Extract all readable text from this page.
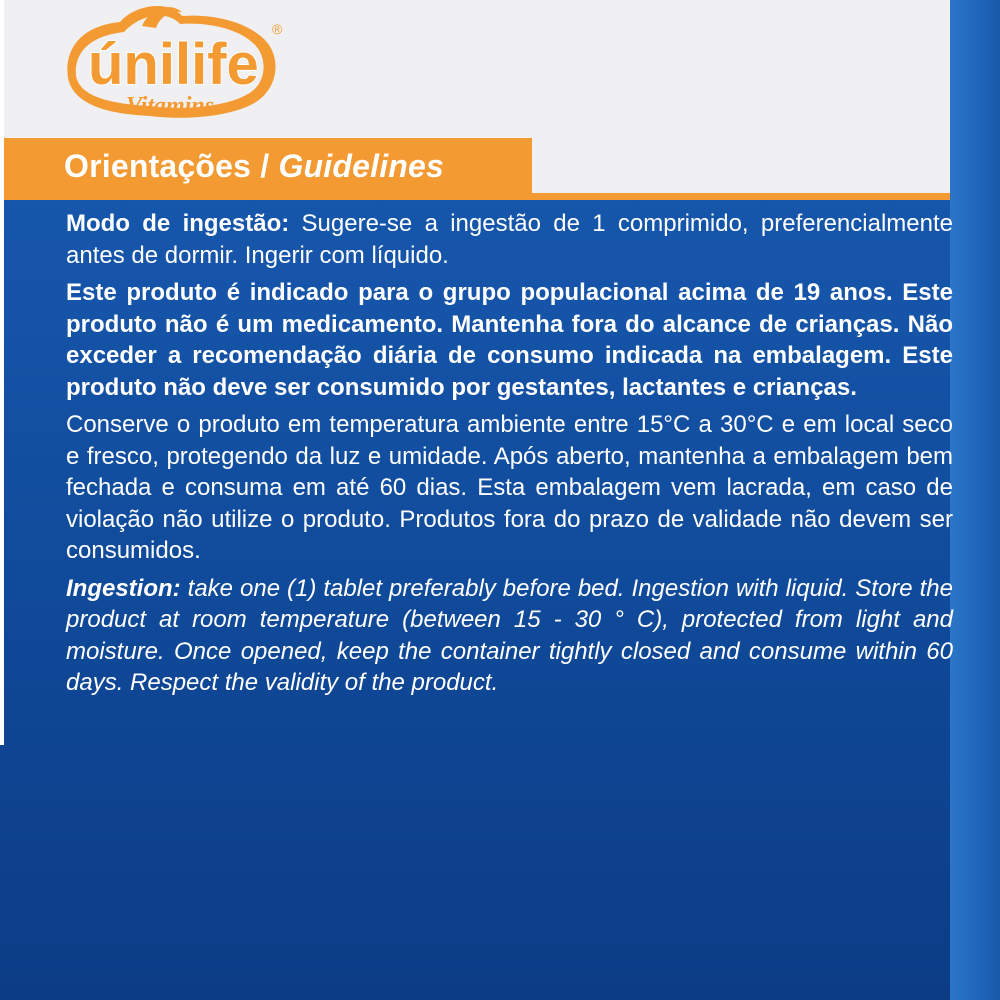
únilife
Vitamins
®
Orientações / Guidelines

Modo de ingestão: Sugere-se a ingestão de 1 comprimido, preferencialmente antes de dormir. Ingerir com líquido.

Este produto é indicado para o grupo populacional acima de 19 anos. Este produto não é um medicamento. Mantenha fora do alcance de crianças. Não exceder a recomendação diária de consumo indicada na embalagem. Este produto não deve ser consumido por gestantes, lactantes e crianças.

Conserve o produto em temperatura ambiente entre 15°C a 30°C e em local seco e fresco, protegendo da luz e umidade. Após aberto, mantenha a embalagem bem fechada e consuma em até 60 dias. Esta embalagem vem lacrada, em caso de violação não utilize o produto. Produtos fora do prazo de validade não devem ser consumidos.

Ingestion: take one (1) tablet preferably before bed. Ingestion with liquid. Store the product at room temperature (between 15 - 30 ° C), protected from light and moisture. Once opened, keep the container tightly closed and consume within 60 days. Respect the validity of the product.
